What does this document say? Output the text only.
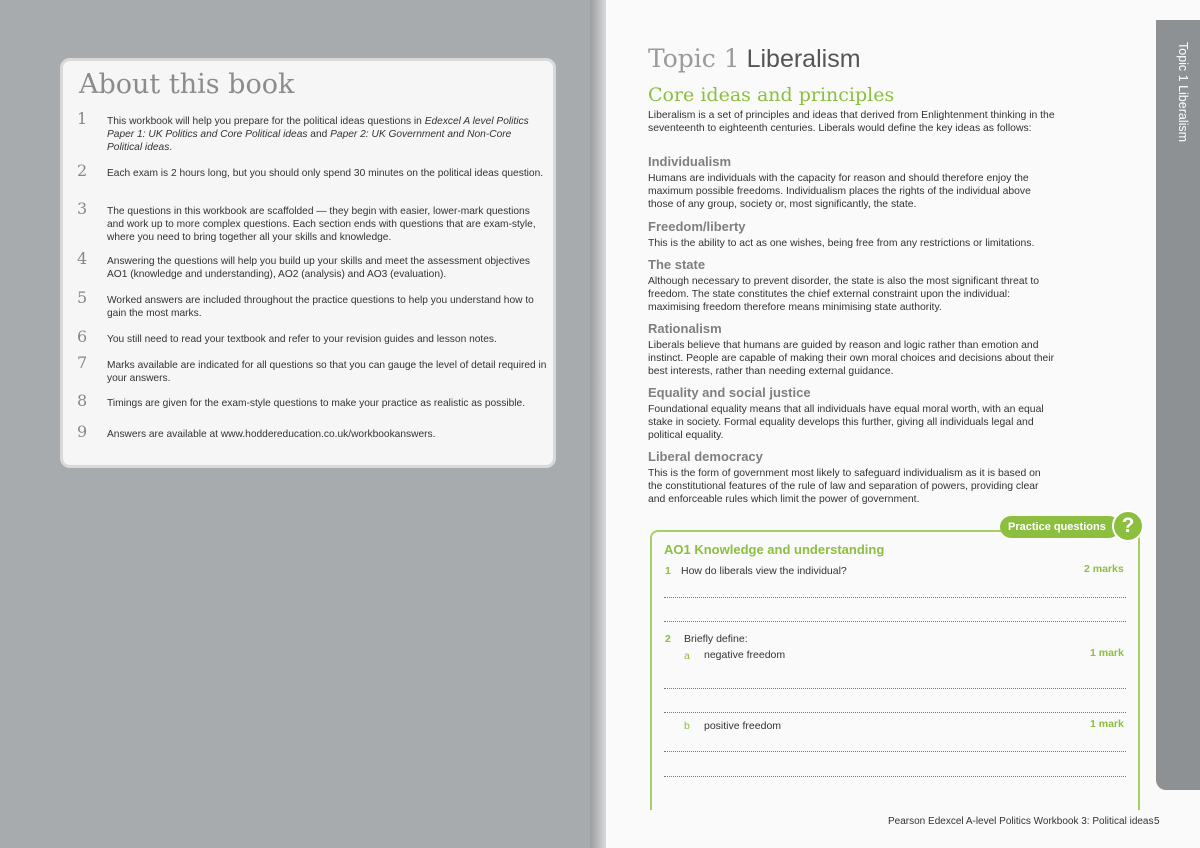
About this book
1 This workbook will help you prepare for the political ideas questions in Edexcel A level Politics Paper 1: UK Politics and Core Political ideas and Paper 2: UK Government and Non-Core Political ideas.
2 Each exam is 2 hours long, but you should only spend 30 minutes on the political ideas question.
3 The questions in this workbook are scaffolded — they begin with easier, lower-mark questions and work up to more complex questions. Each section ends with questions that are exam-style, where you need to bring together all your skills and knowledge.
4 Answering the questions will help you build up your skills and meet the assessment objectives AO1 (knowledge and understanding), AO2 (analysis) and AO3 (evaluation).
5 Worked answers are included throughout the practice questions to help you understand how to gain the most marks.
6 You still need to read your textbook and refer to your revision guides and lesson notes.
7 Marks available are indicated for all questions so that you can gauge the level of detail required in your answers.
8 Timings are given for the exam-style questions to make your practice as realistic as possible.
9 Answers are available at www.hoddereducation.co.uk/workbookanswers.
Topic 1 Liberalism
Topic 1 Liberalism
Core ideas and principles
Liberalism is a set of principles and ideas that derived from Enlightenment thinking in the seventeenth to eighteenth centuries. Liberals would define the key ideas as follows:
Individualism
Humans are individuals with the capacity for reason and should therefore enjoy the maximum possible freedoms. Individualism places the rights of the individual above those of any group, society or, most significantly, the state.
Freedom/liberty
This is the ability to act as one wishes, being free from any restrictions or limitations.
The state
Although necessary to prevent disorder, the state is also the most significant threat to freedom. The state constitutes the chief external constraint upon the individual: maximising freedom therefore means minimising state authority.
Rationalism
Liberals believe that humans are guided by reason and logic rather than emotion and instinct. People are capable of making their own moral choices and decisions about their best interests, rather than needing external guidance.
Equality and social justice
Foundational equality means that all individuals have equal moral worth, with an equal stake in society. Formal equality develops this further, giving all individuals legal and political equality.
Liberal democracy
This is the form of government most likely to safeguard individualism as it is based on the constitutional features of the rule of law and separation of powers, providing clear and enforceable rules which limit the power of government.
Practice questions ?
AO1 Knowledge and understanding
1 How do liberals view the individual?	2 marks
2 Briefly define:
a negative freedom	1 mark
b positive freedom	1 mark
Pearson Edexcel A-level Politics Workbook 3: Political ideas 5
